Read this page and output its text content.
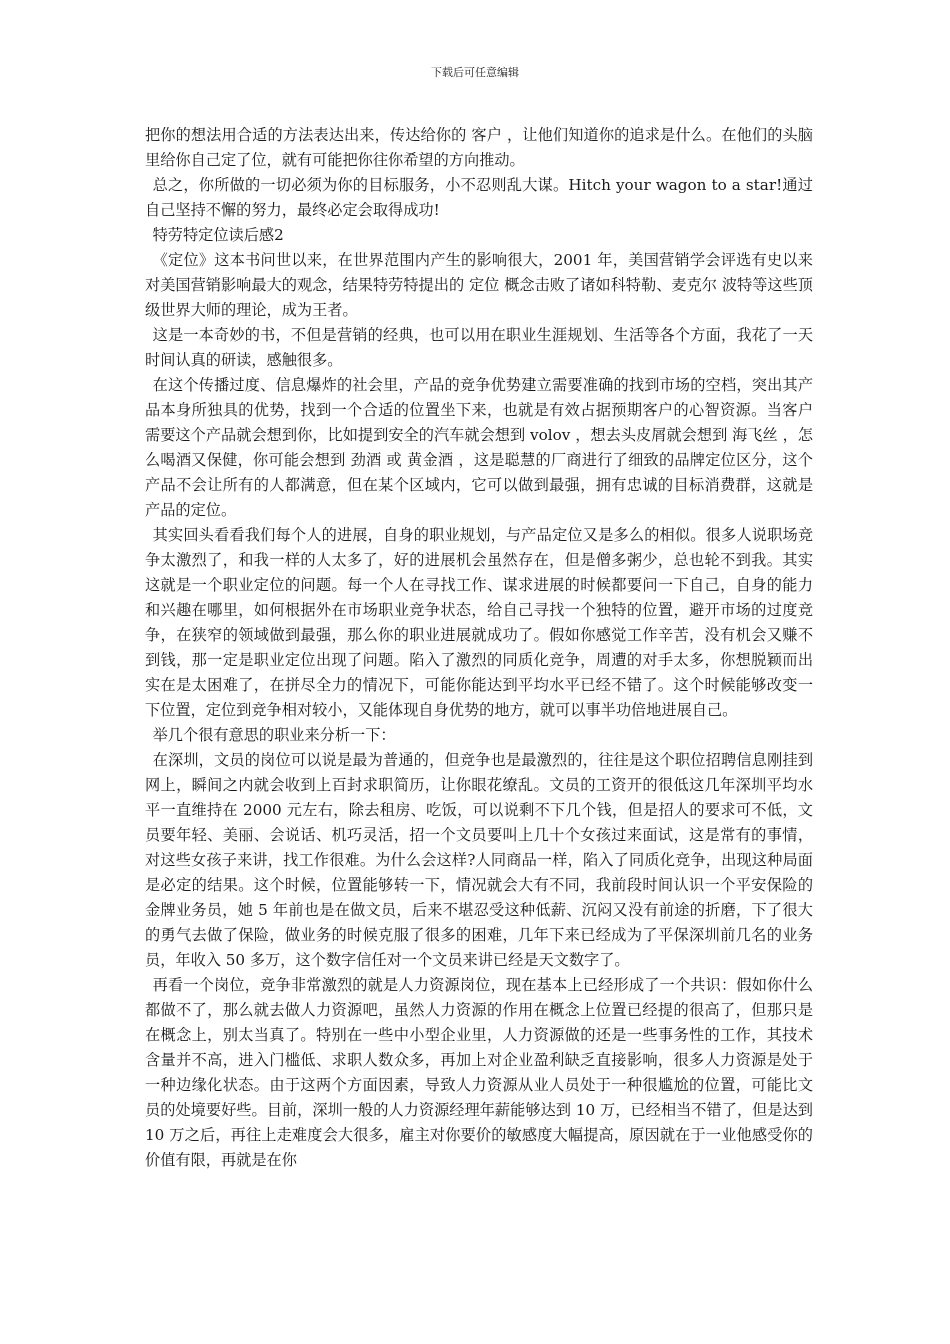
下载后可任意编辑

把你的想法用合适的方法表达出来，传达给你的 客户 ，让他们知道你的追求是什么。在他们的头脑里给你自己定了位，就有可能把你往你希望的方向推动。

总之，你所做的一切必须为你的目标服务，小不忍则乱大谋。Hitch your wagon to a star!通过自己坚持不懈的努力，最终必定会取得成功!

特劳特定位读后感2

《定位》这本书问世以来，在世界范围内产生的影响很大，2001 年，美国营销学会评选有史以来对美国营销影响最大的观念，结果特劳特提出的 定位 概念击败了诸如科特勒、麦克尔 波特等这些顶级世界大师的理论，成为王者。

这是一本奇妙的书，不但是营销的经典，也可以用在职业生涯规划、生活等各个方面，我花了一天时间认真的研读，感触很多。

在这个传播过度、信息爆炸的社会里，产品的竞争优势建立需要准确的找到市场的空档，突出其产品本身所独具的优势，找到一个合适的位置坐下来，也就是有效占据预期客户的心智资源。当客户需要这个产品就会想到你，比如提到安全的汽车就会想到 volov ，想去头皮屑就会想到 海飞丝 ，怎么喝酒又保健，你可能会想到 劲酒 或 黄金酒 ，这是聪慧的厂商进行了细致的品牌定位区分，这个产品不会让所有的人都满意，但在某个区域内，它可以做到最强，拥有忠诚的目标消费群，这就是产品的定位。

其实回头看看我们每个人的进展，自身的职业规划，与产品定位又是多么的相似。很多人说职场竞争太激烈了，和我一样的人太多了，好的进展机会虽然存在，但是僧多粥少，总也轮不到我。其实这就是一个职业定位的问题。每一个人在寻找工作、谋求进展的时候都要问一下自己，自身的能力和兴趣在哪里，如何根据外在市场职业竞争状态，给自己寻找一个独特的位置，避开市场的过度竞争，在狭窄的领域做到最强，那么你的职业进展就成功了。假如你感觉工作辛苦，没有机会又赚不到钱，那一定是职业定位出现了问题。陷入了激烈的同质化竞争，周遭的对手太多，你想脱颖而出实在是太困难了，在拼尽全力的情况下，可能你能达到平均水平已经不错了。这个时候能够改变一下位置，定位到竞争相对较小，又能体现自身优势的地方，就可以事半功倍地进展自己。

举几个很有意思的职业来分析一下：

在深圳，文员的岗位可以说是最为普通的，但竞争也是最激烈的，往往是这个职位招聘信息刚挂到网上，瞬间之内就会收到上百封求职简历，让你眼花缭乱。文员的工资开的很低这几年深圳平均水平一直维持在 2000 元左右，除去租房、吃饭，可以说剩不下几个钱，但是招人的要求可不低，文员要年轻、美丽、会说话、机巧灵活，招一个文员要叫上几十个女孩过来面试，这是常有的事情，对这些女孩子来讲，找工作很难。为什么会这样?人同商品一样，陷入了同质化竞争，出现这种局面是必定的结果。这个时候，位置能够转一下，情况就会大有不同，我前段时间认识一个平安保险的金牌业务员，她 5 年前也是在做文员，后来不堪忍受这种低薪、沉闷又没有前途的折磨，下了很大的勇气去做了保险，做业务的时候克服了很多的困难，几年下来已经成为了平保深圳前几名的业务员，年收入 50 多万，这个数字信任对一个文员来讲已经是天文数字了。

再看一个岗位，竞争非常激烈的就是人力资源岗位，现在基本上已经形成了一个共识：假如你什么都做不了，那么就去做人力资源吧，虽然人力资源的作用在概念上位置已经提的很高了，但那只是在概念上，别太当真了。特别在一些中小型企业里，人力资源做的还是一些事务性的工作，其技术含量并不高，进入门槛低、求职人数众多，再加上对企业盈利缺乏直接影响，很多人力资源是处于一种边缘化状态。由于这两个方面因素，导致人力资源从业人员处于一种很尴尬的位置，可能比文员的处境要好些。目前，深圳一般的人力资源经理年薪能够达到 10 万，已经相当不错了，但是达到 10 万之后，再往上走难度会大很多，雇主对你要价的敏感度大幅提高，原因就在于一业他感受你的价值有限，再就是在你
